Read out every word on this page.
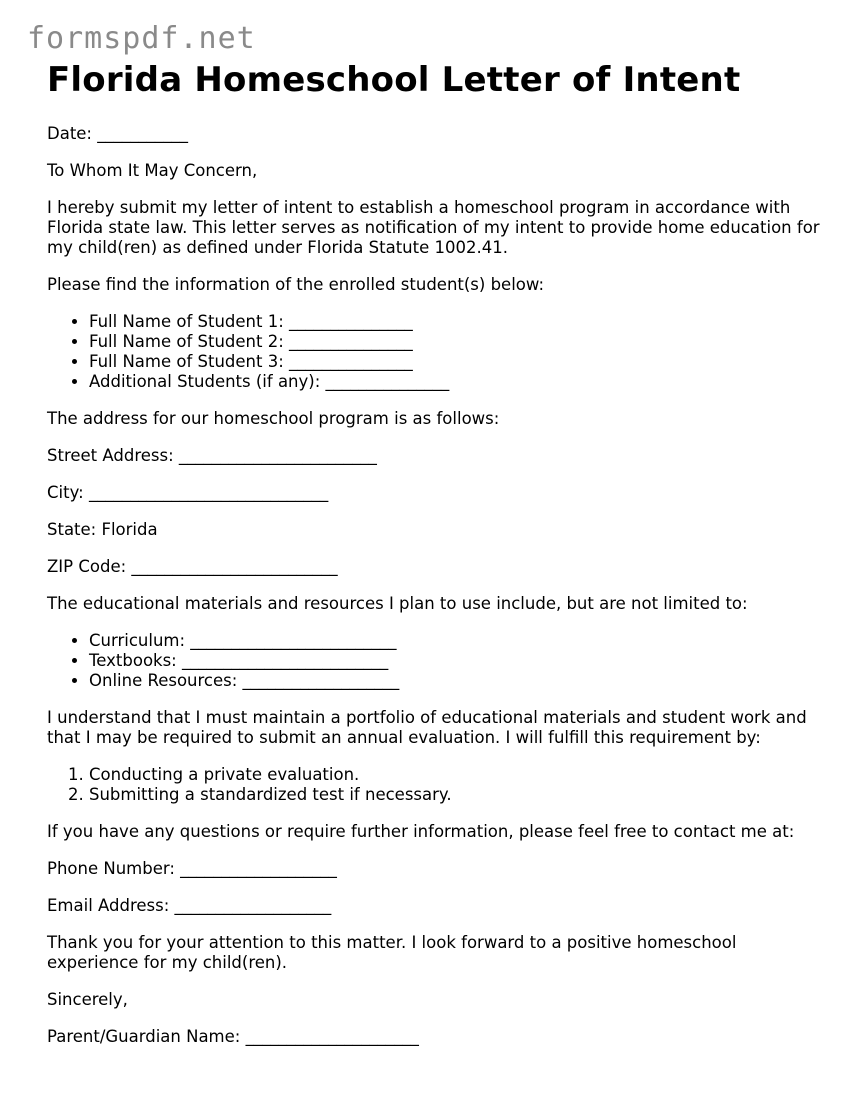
formspdf.net
Florida Homeschool Letter of Intent

Date: ___________

To Whom It May Concern,

I hereby submit my letter of intent to establish a homeschool program in accordance with Florida state law. This letter serves as notification of my intent to provide home education for my child(ren) as defined under Florida Statute 1002.41.

Please find the information of the enrolled student(s) below:

• Full Name of Student 1: _______________
• Full Name of Student 2: _______________
• Full Name of Student 3: _______________
• Additional Students (if any): _______________

The address for our homeschool program is as follows:

Street Address: ________________________

City: _____________________________

State: Florida

ZIP Code: _________________________

The educational materials and resources I plan to use include, but are not limited to:

• Curriculum: _________________________
• Textbooks: _________________________
• Online Resources: ___________________

I understand that I must maintain a portfolio of educational materials and student work and that I may be required to submit an annual evaluation. I will fulfill this requirement by:

1. Conducting a private evaluation.
2. Submitting a standardized test if necessary.

If you have any questions or require further information, please feel free to contact me at:

Phone Number: ___________________

Email Address: ___________________

Thank you for your attention to this matter. I look forward to a positive homeschool experience for my child(ren).

Sincerely,

Parent/Guardian Name: _____________________
